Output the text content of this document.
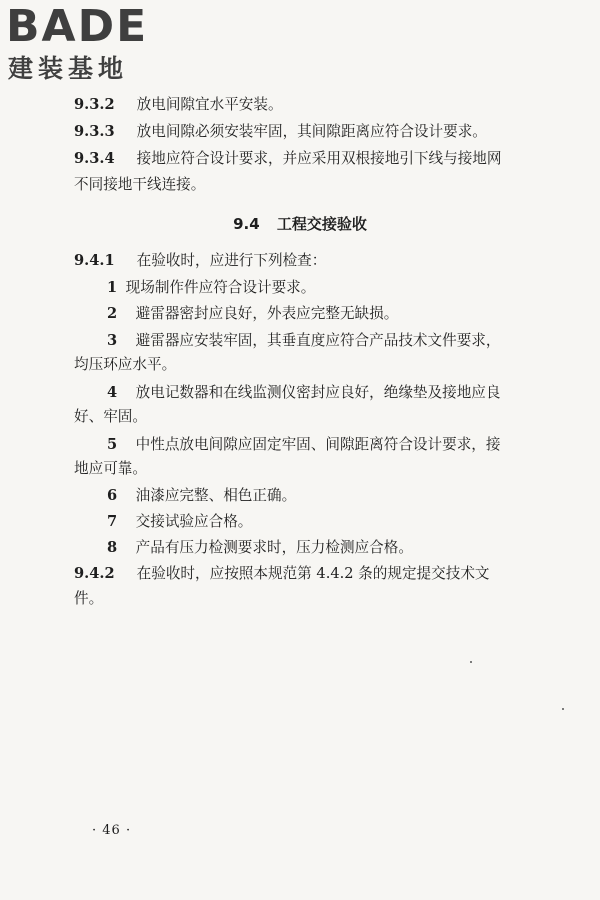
BADE
建装基地
9.3.2 放电间隙宜水平安装。
9.3.3 放电间隙必须安装牢固，其间隙距离应符合设计要求。
9.3.4 接地应符合设计要求，并应采用双根接地引下线与接地网
不同接地干线连接。
9.4 工程交接验收
9.4.1 在验收时，应进行下列检查：
1 现场制作件应符合设计要求。
2 避雷器密封应良好，外表应完整无缺损。
3 避雷器应安装牢固，其垂直度应符合产品技术文件要求，
均压环应水平。
4 放电记数器和在线监测仪密封应良好，绝缘垫及接地应良
好、牢固。
5 中性点放电间隙应固定牢固、间隙距离符合设计要求，接
地应可靠。
6 油漆应完整、相色正确。
7 交接试验应合格。
8 产品有压力检测要求时，压力检测应合格。
9.4.2 在验收时，应按照本规范第 4.4.2 条的规定提交技术文
件。
· 46 ·
